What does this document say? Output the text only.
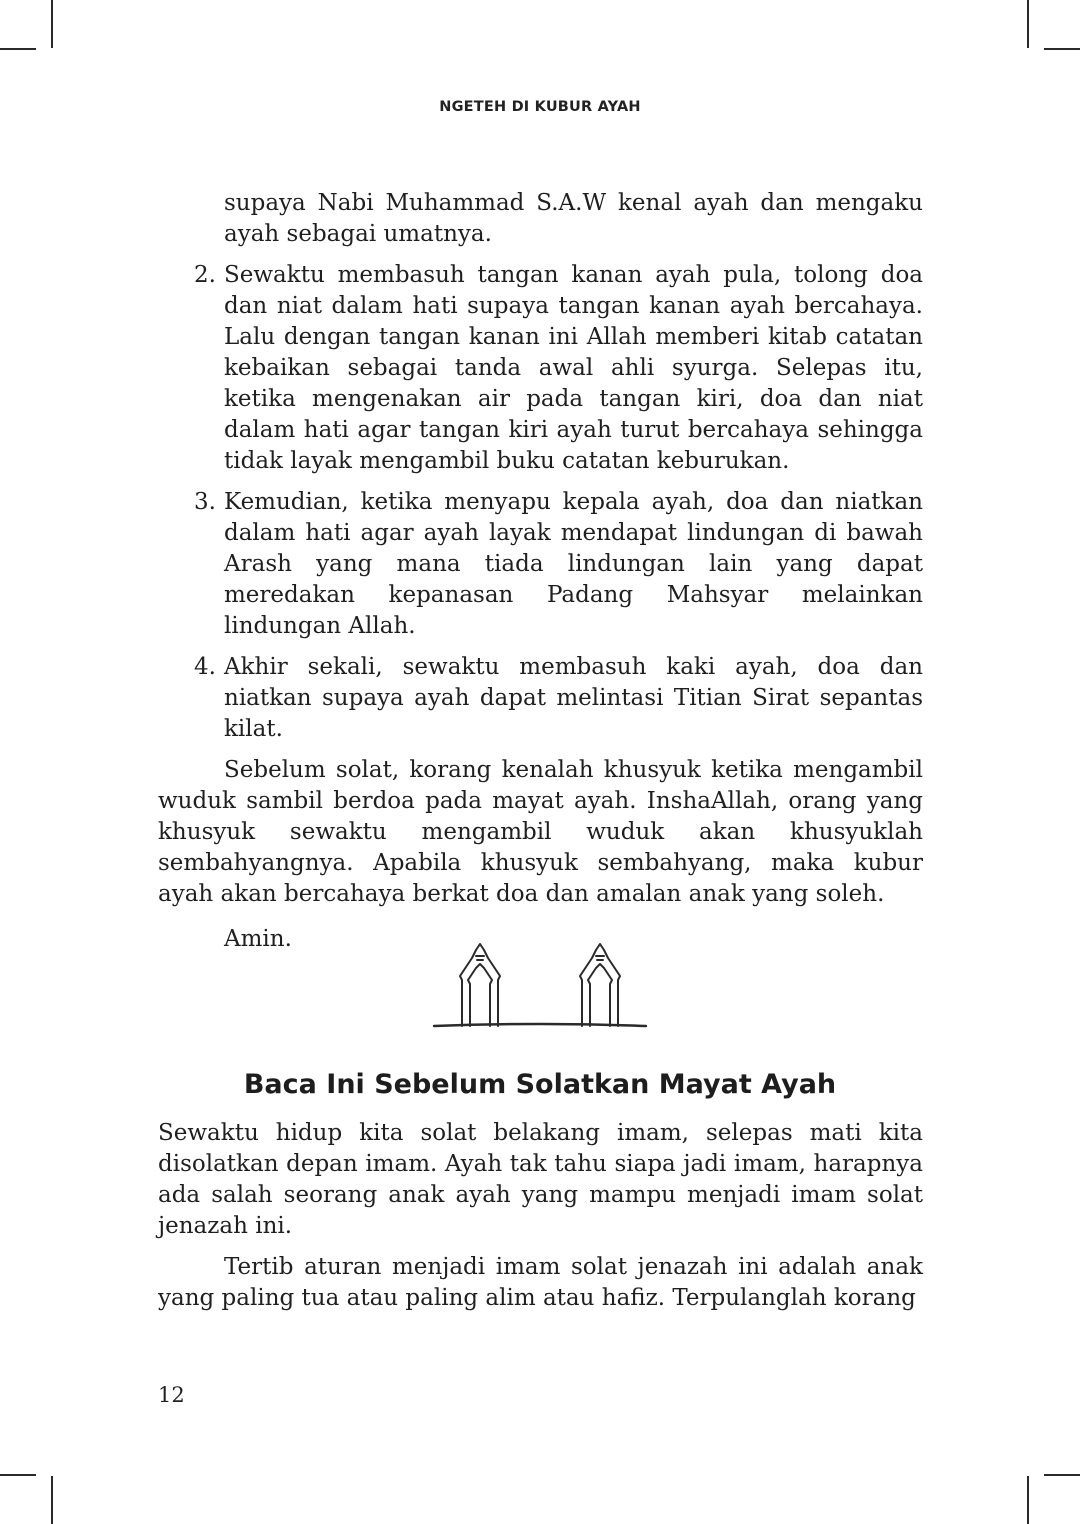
NGETEH DI KUBUR AYAH

supaya Nabi Muhammad S.A.W kenal ayah dan mengaku ayah sebagai umatnya.

2. Sewaktu membasuh tangan kanan ayah pula, tolong doa dan niat dalam hati supaya tangan kanan ayah bercahaya. Lalu dengan tangan kanan ini Allah memberi kitab catatan kebaikan sebagai tanda awal ahli syurga. Selepas itu, ketika mengenakan air pada tangan kiri, doa dan niat dalam hati agar tangan kiri ayah turut bercahaya sehingga tidak layak mengambil buku catatan keburukan.
3. Kemudian, ketika menyapu kepala ayah, doa dan niatkan dalam hati agar ayah layak mendapat lindungan di bawah Arash yang mana tiada lindungan lain yang dapat meredakan kepanasan Padang Mahsyar melainkan lindungan Allah.
4. Akhir sekali, sewaktu membasuh kaki ayah, doa dan niatkan supaya ayah dapat melintasi Titian Sirat sepantas kilat.

Sebelum solat, korang kenalah khusyuk ketika mengambil wuduk sambil berdoa pada mayat ayah. InshaAllah, orang yang khusyuk sewaktu mengambil wuduk akan khusyuklah sembahyangnya. Apabila khusyuk sembahyang, maka kubur ayah akan bercahaya berkat doa dan amalan anak yang soleh.

Amin.

Baca Ini Sebelum Solatkan Mayat Ayah

Sewaktu hidup kita solat belakang imam, selepas mati kita disolatkan depan imam. Ayah tak tahu siapa jadi imam, harapnya ada salah seorang anak ayah yang mampu menjadi imam solat jenazah ini.

Tertib aturan menjadi imam solat jenazah ini adalah anak yang paling tua atau paling alim atau hafiz. Terpulanglah korang

12
